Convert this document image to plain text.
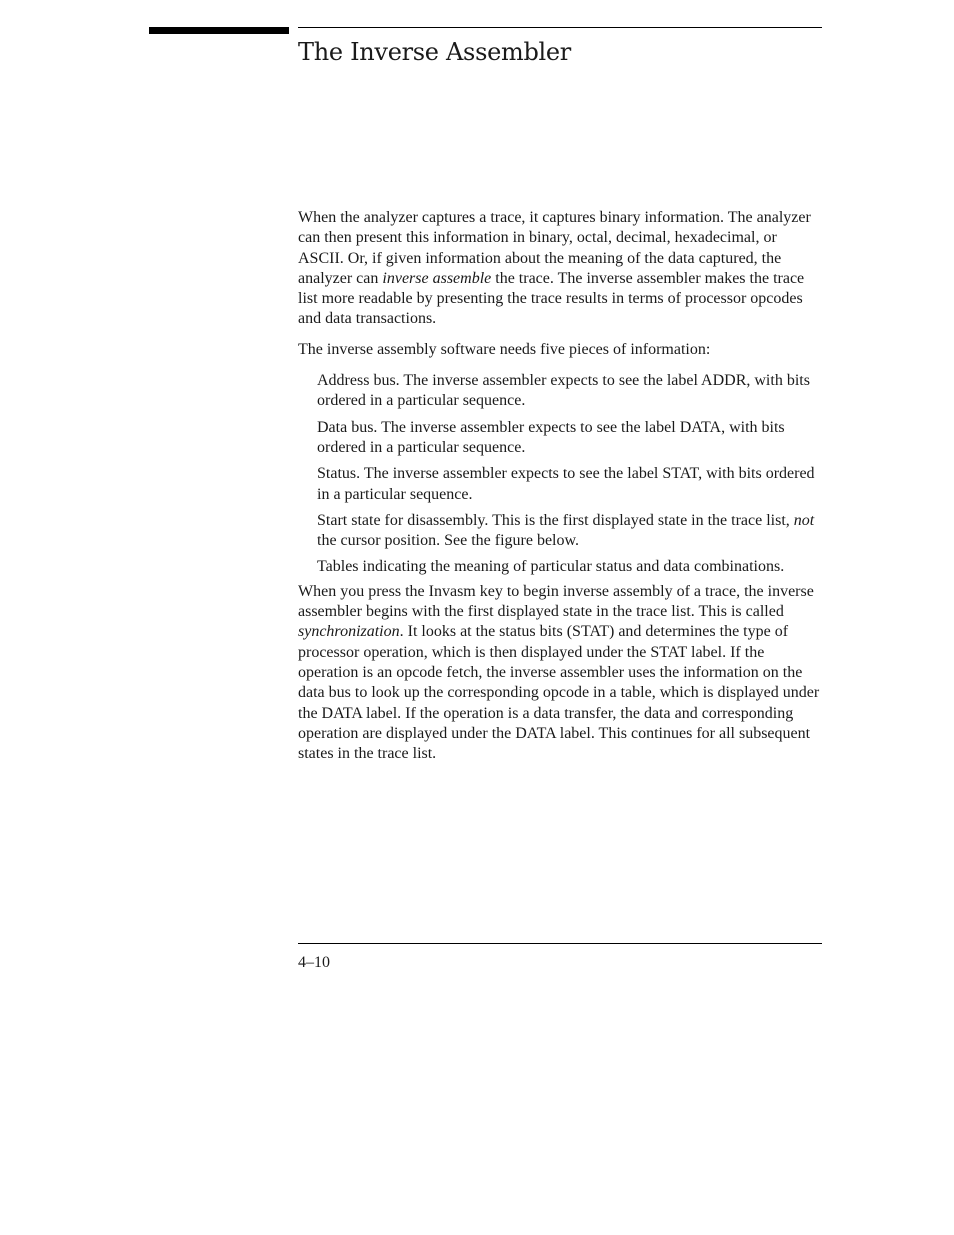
The Inverse Assembler

When the analyzer captures a trace, it captures binary information. The analyzer can then present this information in binary, octal, decimal, hexadecimal, or ASCII. Or, if given information about the meaning of the data captured, the analyzer can inverse assemble the trace. The inverse assembler makes the trace list more readable by presenting the trace results in terms of processor opcodes and data transactions.

The inverse assembly software needs five pieces of information:

Address bus. The inverse assembler expects to see the label ADDR, with bits ordered in a particular sequence.
Data bus. The inverse assembler expects to see the label DATA, with bits ordered in a particular sequence.
Status. The inverse assembler expects to see the label STAT, with bits ordered in a particular sequence.
Start state for disassembly. This is the first displayed state in the trace list, not the cursor position. See the figure below.
Tables indicating the meaning of particular status and data combinations.

When you press the Invasm key to begin inverse assembly of a trace, the inverse assembler begins with the first displayed state in the trace list. This is called synchronization. It looks at the status bits (STAT) and determines the type of processor operation, which is then displayed under the STAT label. If the operation is an opcode fetch, the inverse assembler uses the information on the data bus to look up the corresponding opcode in a table, which is displayed under the DATA label. If the operation is a data transfer, the data and corresponding operation are displayed under the DATA label. This continues for all subsequent states in the trace list.

4–10
